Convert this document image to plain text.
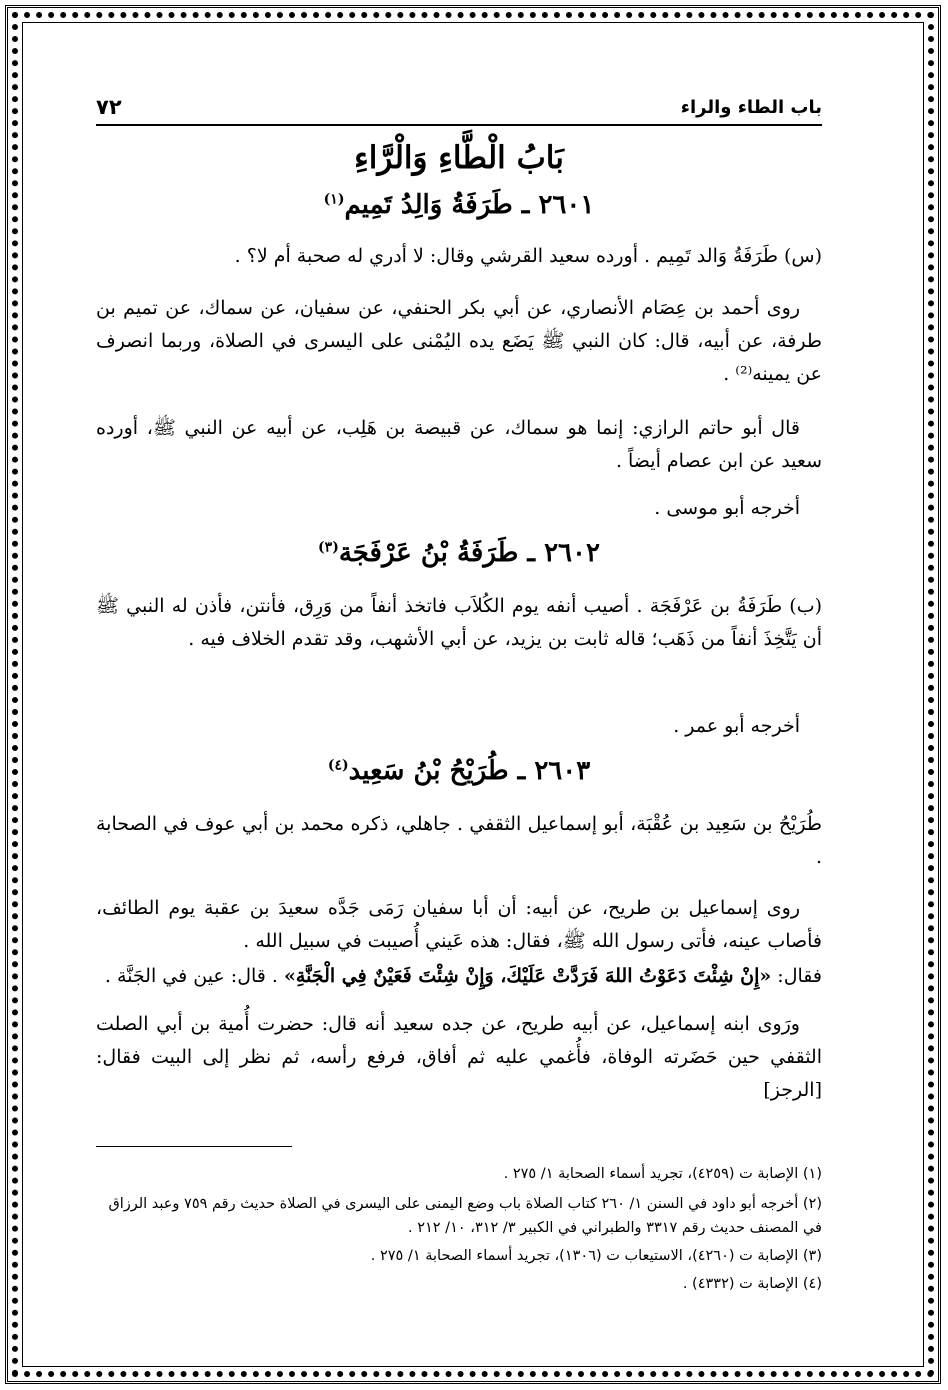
باب الطاء والراء
٧٢
بَابُ الْطَّاءِ وَالْرَّاءِ
٢٦٠١ ـ طَرَفَةُ وَالِدُ تَمِيم$^{(١)}$
(س) طَرَفَةُ وَالد تَمِيم . أورده سعيد القرشي وقال: لا أدري له صحبة أم لا؟ .
روى أحمد بن عِصَام الأنصاري، عن أبي بكر الحنفي، عن سفيان، عن سماك، عن تميم بن طرفة، عن أبيه، قال: كان النبي ﷺ يَضَع يده اليُمْنى على اليسرى في الصلاة، وربما انصرف عن يمينه⁽²⁾ .
قال أبو حاتم الرازي: إنما هو سماك، عن قبيصة بن هَلِب، عن أبيه عن النبي ﷺ، أورده سعيد عن ابن عصام أيضاً .
أخرجه أبو موسى .
٢٦٠٢ ـ طَرَفَةُ بْنُ عَرْفَجَة$^{(٣)}$
(ب) طَرَفَةُ بن عَرْفَجَة . أصيب أنفه يوم الكُلاَب فاتخذ أنفاً من وَرِق، فأنتن، فأذن له النبي ﷺ أن يَتَّخِذَ أنفاً من ذَهَب؛ قاله ثابت بن يزيد، عن أبي الأشهب، وقد تقدم الخلاف فيه .
أخرجه أبو عمر .
٢٦٠٣ ـ طُرَيْحُ بْنُ سَعِيد$^{(٤)}$
طُرَيْحُ بن سَعِيد بن عُقْبَة، أبو إسماعيل الثقفي . جاهلي، ذكره محمد بن أبي عوف في الصحابة .
روى إسماعيل بن طريح، عن أبيه: أن أبا سفيان رَمَى جَدَّه سعيدَ بن عقبة يوم الطائف، فأصاب عينه، فأتى رسول الله ﷺ، فقال: هذه عَيني أُصيبت في سبيل الله .
فقال: «إِنْ شِئْتَ دَعَوْتُ اللهَ فَرَدَّتْ عَلَيْكَ، وَإِنْ شِئْتَ فَعَيْنٌ فِي الْجَنَّةِ» . قال: عين في الجَنَّة .
ورَوى ابنه إسماعيل، عن أبيه طريح، عن جده سعيد أنه قال: حضرت أُمية بن أبي الصلت الثقفي حين حَضَرته الوفاة، فأُغمي عليه ثم أفاق، فرفع رأسه، ثم نظر إلى البيت فقال: [الرجز]
(١) الإصابة ت (٤٢٥٩)، تجريد أسماء الصحابة ١/ ٢٧٥ .
(٢) أخرجه أبو داود في السنن ١/ ٢٦٠ كتاب الصلاة باب وضع اليمنى على اليسرى في الصلاة حديث رقم ٧٥٩ وعبد الرزاق في المصنف حديث رقم ٣٣١٧ والطبراني في الكبير ٣/ ٣١٢، ١٠/ ٢١٢ .
(٣) الإصابة ت (٤٢٦٠)، الاستيعاب ت (١٣٠٦)، تجريد أسماء الصحابة ١/ ٢٧٥ .
(٤) الإصابة ت (٤٣٣٢) .
